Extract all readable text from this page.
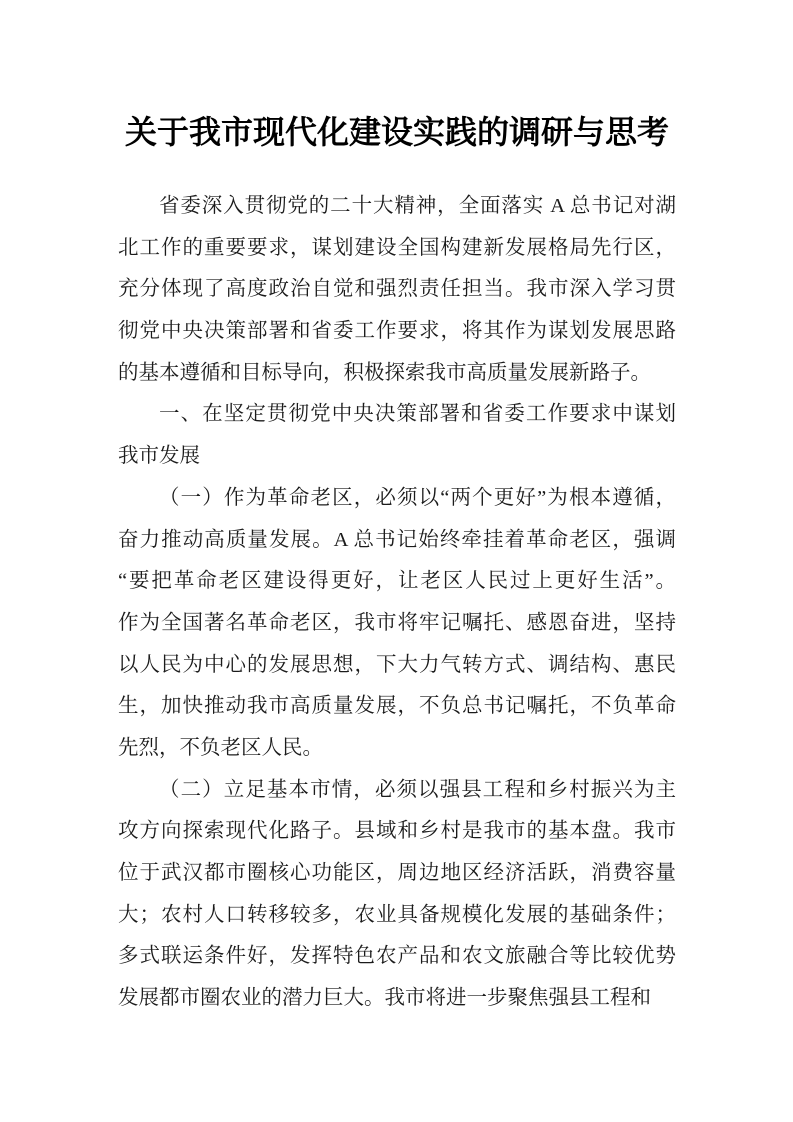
关于我市现代化建设实践的调研与思考
省委深入贯彻党的二十大精神，全面落实 A 总书记对湖
北工作的重要要求，谋划建设全国构建新发展格局先行区，
充分体现了高度政治自觉和强烈责任担当。我市深入学习贯
彻党中央决策部署和省委工作要求，将其作为谋划发展思路
的基本遵循和目标导向，积极探索我市高质量发展新路子。
一、在坚定贯彻党中央决策部署和省委工作要求中谋划
我市发展
（一）作为革命老区，必须以“两个更好”为根本遵循，
奋力推动高质量发展。A 总书记始终牵挂着革命老区，强调
“要把革命老区建设得更好，让老区人民过上更好生活”。
作为全国著名革命老区，我市将牢记嘱托、感恩奋进，坚持
以人民为中心的发展思想，下大力气转方式、调结构、惠民
生，加快推动我市高质量发展，不负总书记嘱托，不负革命
先烈，不负老区人民。
（二）立足基本市情，必须以强县工程和乡村振兴为主
攻方向探索现代化路子。县域和乡村是我市的基本盘。我市
位于武汉都市圈核心功能区，周边地区经济活跃，消费容量
大；农村人口转移较多，农业具备规模化发展的基础条件；
多式联运条件好，发挥特色农产品和农文旅融合等比较优势
发展都市圈农业的潜力巨大。我市将进一步聚焦强县工程和
